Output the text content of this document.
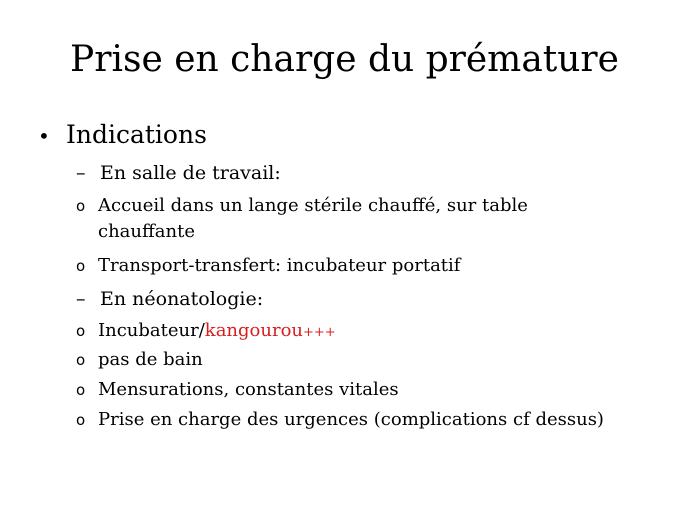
Prise en charge du prémature
• Indications
– En salle de travail:
o Accueil dans un lange stérile chauffé, sur table
chauffante
o Transport-transfert: incubateur portatif
– En néonatologie:
o Incubateur/kangourou+++
o pas de bain
o Mensurations, constantes vitales
o Prise en charge des urgences (complications cf dessus)
